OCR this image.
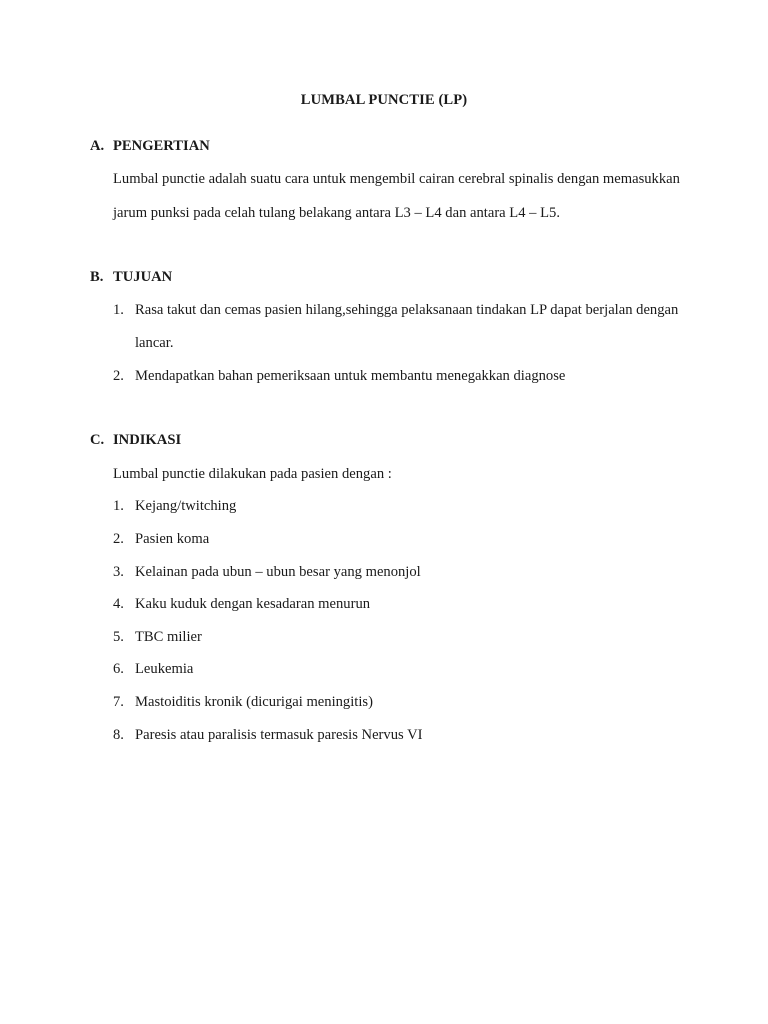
LUMBAL PUNCTIE (LP)
A. PENGERTIAN
Lumbal punctie adalah suatu cara untuk mengembil cairan cerebral spinalis dengan memasukkan
jarum punksi pada celah tulang belakang antara L3 – L4 dan antara L4 – L5.
B. TUJUAN
1. Rasa takut dan cemas pasien hilang,sehingga pelaksanaan tindakan LP dapat berjalan dengan
lancar.
2. Mendapatkan bahan pemeriksaan untuk membantu menegakkan diagnose
C. INDIKASI
Lumbal punctie dilakukan pada pasien dengan :
1. Kejang/twitching
2. Pasien koma
3. Kelainan pada ubun – ubun besar yang menonjol
4. Kaku kuduk dengan kesadaran menurun
5. TBC milier
6. Leukemia
7. Mastoiditis kronik (dicurigai meningitis)
8. Paresis atau paralisis termasuk paresis Nervus VI
